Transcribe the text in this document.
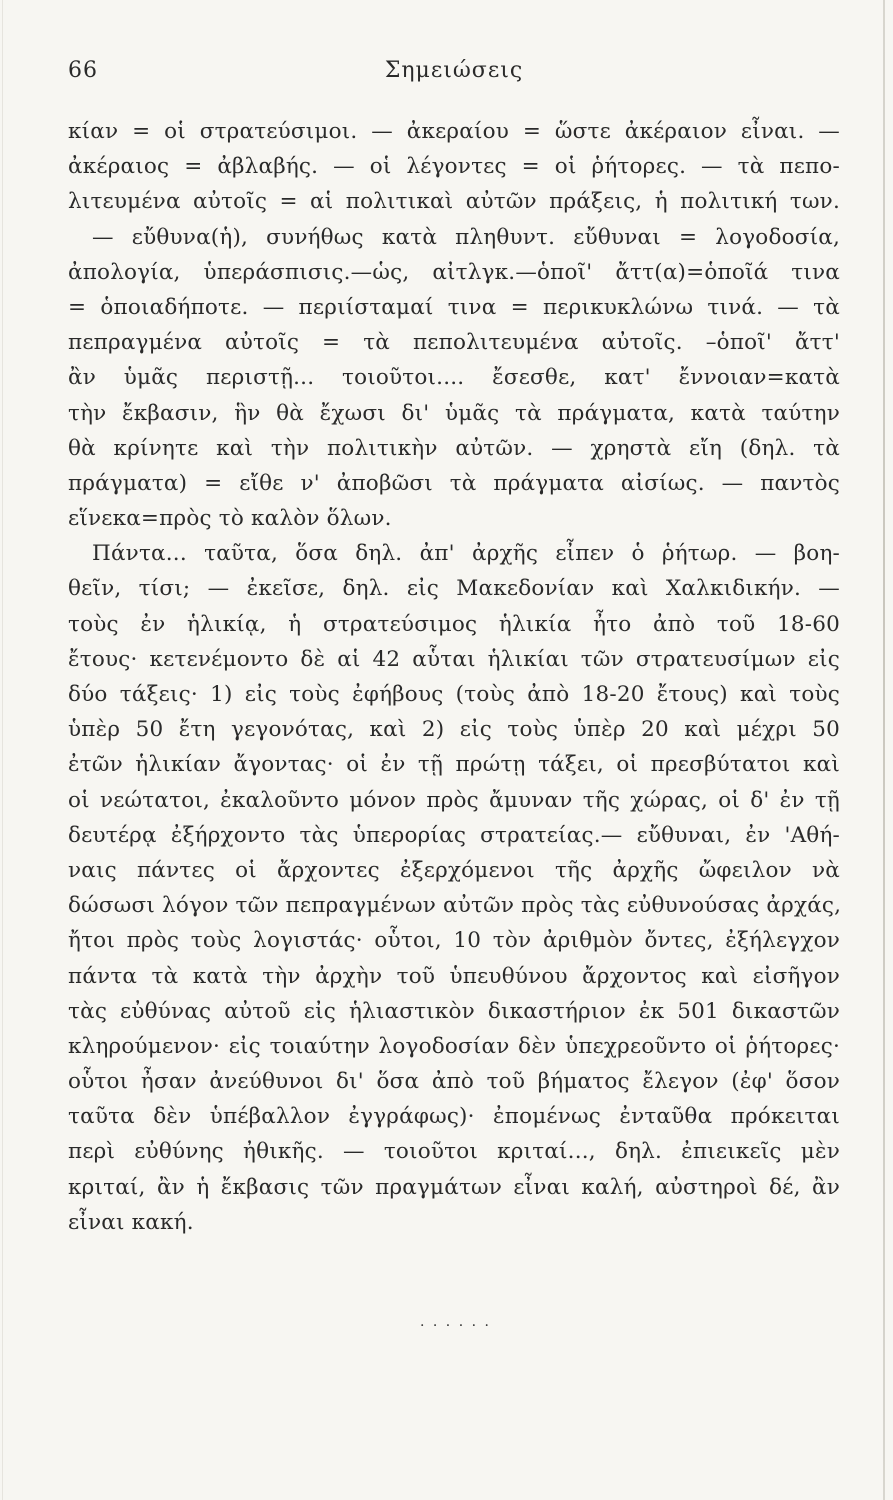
66	Σημειώσεις
κίαν = οἱ στρατεύσιμοι. — ἀκεραίου = ὥστε ἀκέραιον εἶναι. —
ἀκέραιος = ἀβλαβής. — οἱ λέγοντες = οἱ ῥήτορες. — τὰ πεπο-
λιτευμένα αὐτοῖς = αἱ πολιτικαὶ αὐτῶν πράξεις, ἡ πολιτική των.
— εὔθυνα(ἡ), συνήθως κατὰ πληθυντ. εὔθυναι = λογοδοσία,
ἀπολογία, ὑπεράσπισις.—ὡς, αἰτλγκ.—ὁποῖ' ἄττ(α)=ὁποῖά τινα
= ὁποιαδήποτε. — περιίσταμαί τινα = περικυκλώνω τινά. — τὰ
πεπραγμένα αὐτοῖς = τὰ πεπολιτευμένα αὐτοῖς. –ὁποῖ' ἄττ'
ἂν ὑμᾶς περιστῇ... τοιοῦτοι.... ἔσεσθε, κατ' ἔννοιαν=κατὰ
τὴν ἔκβασιν, ἣν θὰ ἔχωσι δι' ὑμᾶς τὰ πράγματα, κατὰ ταύτην
θὰ κρίνητε καὶ τὴν πολιτικὴν αὐτῶν. — χρηστὰ εἴη (δηλ. τὰ
πράγματα) = εἴθε ν' ἀποβῶσι τὰ πράγματα αἰσίως. — παντὸς
εἵνεκα=πρὸς τὸ καλὸν ὅλων.
Πάντα... ταῦτα, ὅσα δηλ. ἀπ' ἀρχῆς εἶπεν ὁ ῥήτωρ. — βοη-
θεῖν, τίσι; — ἐκεῖσε, δηλ. εἰς Μακεδονίαν καὶ Χαλκιδικήν. —
τοὺς ἐν ἡλικίᾳ, ἡ στρατεύσιμος ἡλικία ἦτο ἀπὸ τοῦ 18-60
ἔτους· κετενέμοντο δὲ αἱ 42 αὗται ἡλικίαι τῶν στρατευσίμων εἰς
δύο τάξεις· 1) εἰς τοὺς ἐφήβους (τοὺς ἀπὸ 18-20 ἔτους) καὶ τοὺς
ὑπὲρ 50 ἔτη γεγονότας, καὶ 2) εἰς τοὺς ὑπὲρ 20 καὶ μέχρι 50
ἐτῶν ἡλικίαν ἄγοντας· οἱ ἐν τῇ πρώτῃ τάξει, οἱ πρεσβύτατοι καὶ
οἱ νεώτατοι, ἐκαλοῦντο μόνον πρὸς ἄμυναν τῆς χώρας, οἱ δ' ἐν τῇ
δευτέρᾳ ἐξήρχοντο τὰς ὑπερορίας στρατείας.— εὔθυναι, ἐν 'Αθή-
ναις πάντες οἱ ἄρχοντες ἐξερχόμενοι τῆς ἀρχῆς ὤφειλον νὰ
δώσωσι λόγον τῶν πεπραγμένων αὐτῶν πρὸς τὰς εὐθυνούσας ἀρχάς,
ἤτοι πρὸς τοὺς λογιστάς· οὗτοι, 10 τὸν ἀριθμὸν ὄντες, ἐξήλεγχον
πάντα τὰ κατὰ τὴν ἀρχὴν τοῦ ὑπευθύνου ἄρχοντος καὶ εἰσῆγον
τὰς εὐθύνας αὐτοῦ εἰς ἡλιαστικὸν δικαστήριον ἐκ 501 δικαστῶν
κληρούμενον· εἰς τοιαύτην λογοδοσίαν δὲν ὑπεχρεοῦντο οἱ ῥήτορες·
οὗτοι ἦσαν ἀνεύθυνοι δι' ὅσα ἀπὸ τοῦ βήματος ἔλεγον (ἐφ' ὅσον
ταῦτα δὲν ὑπέβαλλον ἐγγράφως)· ἐπομένως ἐνταῦθα πρόκειται
περὶ εὐθύνης ἠθικῆς. — τοιοῦτοι κριταί..., δηλ. ἐπιεικεῖς μὲν
κριταί, ἂν ἡ ἔκβασις τῶν πραγμάτων εἶναι καλή, αὐστηροὶ δέ, ἂν
εἶναι κακή.
· · · · · ·
